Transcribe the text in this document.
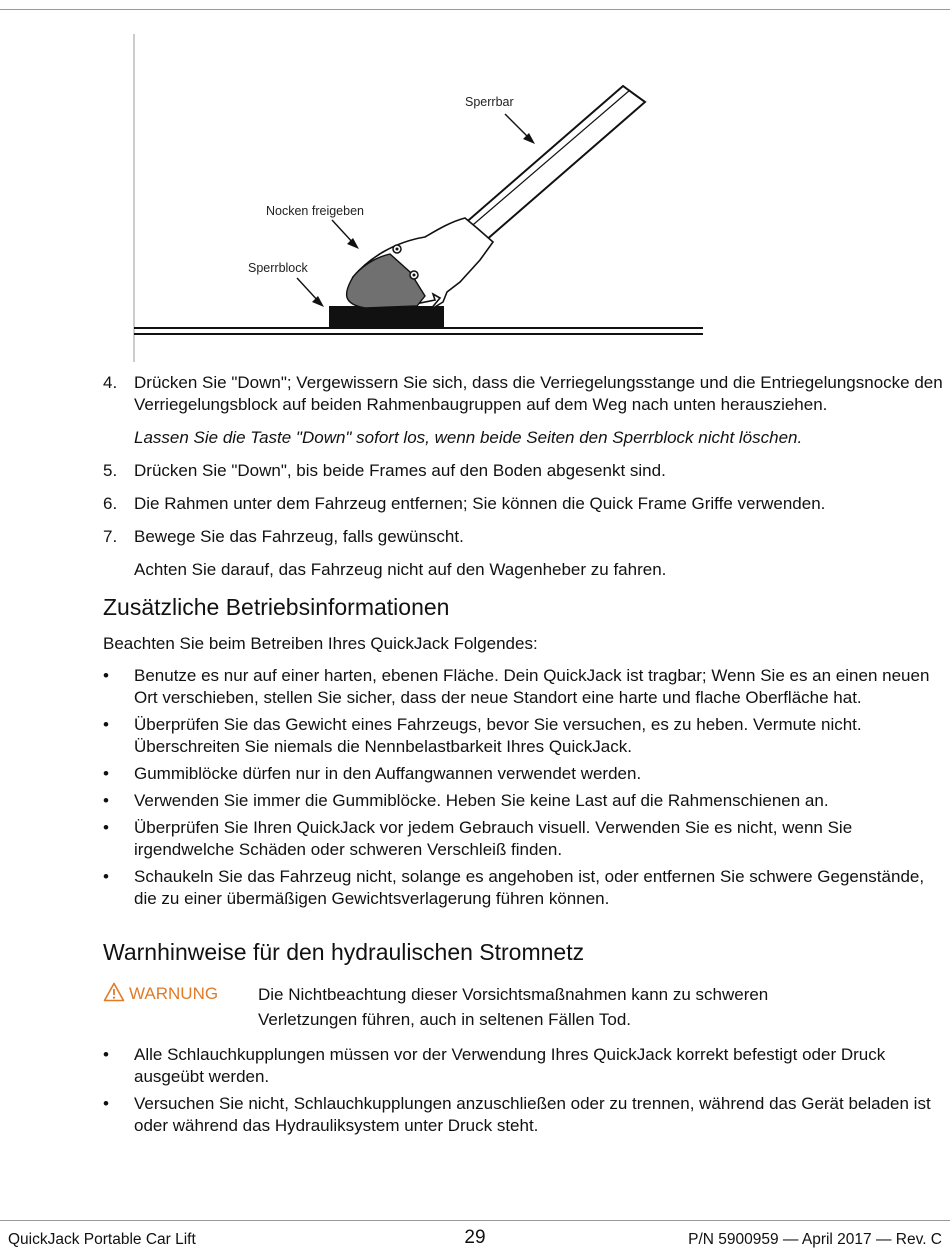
Sperrbar
Nocken freigeben
Sperrblock
4. Drücken Sie "Down"; Vergewissern Sie sich, dass die Verriegelungsstange und die Entriegelungsnocke den Verriegelungsblock auf beiden Rahmenbaugruppen auf dem Weg nach unten herausziehen.
Lassen Sie die Taste "Down" sofort los, wenn beide Seiten den Sperrblock nicht löschen.
5. Drücken Sie "Down", bis beide Frames auf den Boden abgesenkt sind.
6. Die Rahmen unter dem Fahrzeug entfernen; Sie können die Quick Frame Griffe verwenden.
7. Bewege Sie das Fahrzeug, falls gewünscht.
Achten Sie darauf, das Fahrzeug nicht auf den Wagenheber zu fahren.
Zusätzliche Betriebsinformationen
Beachten Sie beim Betreiben Ihres QuickJack Folgendes:
• Benutze es nur auf einer harten, ebenen Fläche. Dein QuickJack ist tragbar; Wenn Sie es an einen neuen Ort verschieben, stellen Sie sicher, dass der neue Standort eine harte und flache Oberfläche hat.
• Überprüfen Sie das Gewicht eines Fahrzeugs, bevor Sie versuchen, es zu heben. Vermute nicht. Überschreiten Sie niemals die Nennbelastbarkeit Ihres QuickJack.
• Gummiblöcke dürfen nur in den Auffangwannen verwendet werden.
• Verwenden Sie immer die Gummiblöcke. Heben Sie keine Last auf die Rahmenschienen an.
• Überprüfen Sie Ihren QuickJack vor jedem Gebrauch visuell. Verwenden Sie es nicht, wenn Sie irgendwelche Schäden oder schweren Verschleiß finden.
• Schaukeln Sie das Fahrzeug nicht, solange es angehoben ist, oder entfernen Sie schwere Gegenstände, die zu einer übermäßigen Gewichtsverlagerung führen können.
Warnhinweise für den hydraulischen Stromnetz
WARNUNG Die Nichtbeachtung dieser Vorsichtsmaßnahmen kann zu schweren Verletzungen führen, auch in seltenen Fällen Tod.
• Alle Schlauchkupplungen müssen vor der Verwendung Ihres QuickJack korrekt befestigt oder Druck ausgeübt werden.
• Versuchen Sie nicht, Schlauchkupplungen anzuschließen oder zu trennen, während das Gerät beladen ist oder während das Hydrauliksystem unter Druck steht.
QuickJack Portable Car Lift	29	P/N 5900959 — April 2017 — Rev. C
